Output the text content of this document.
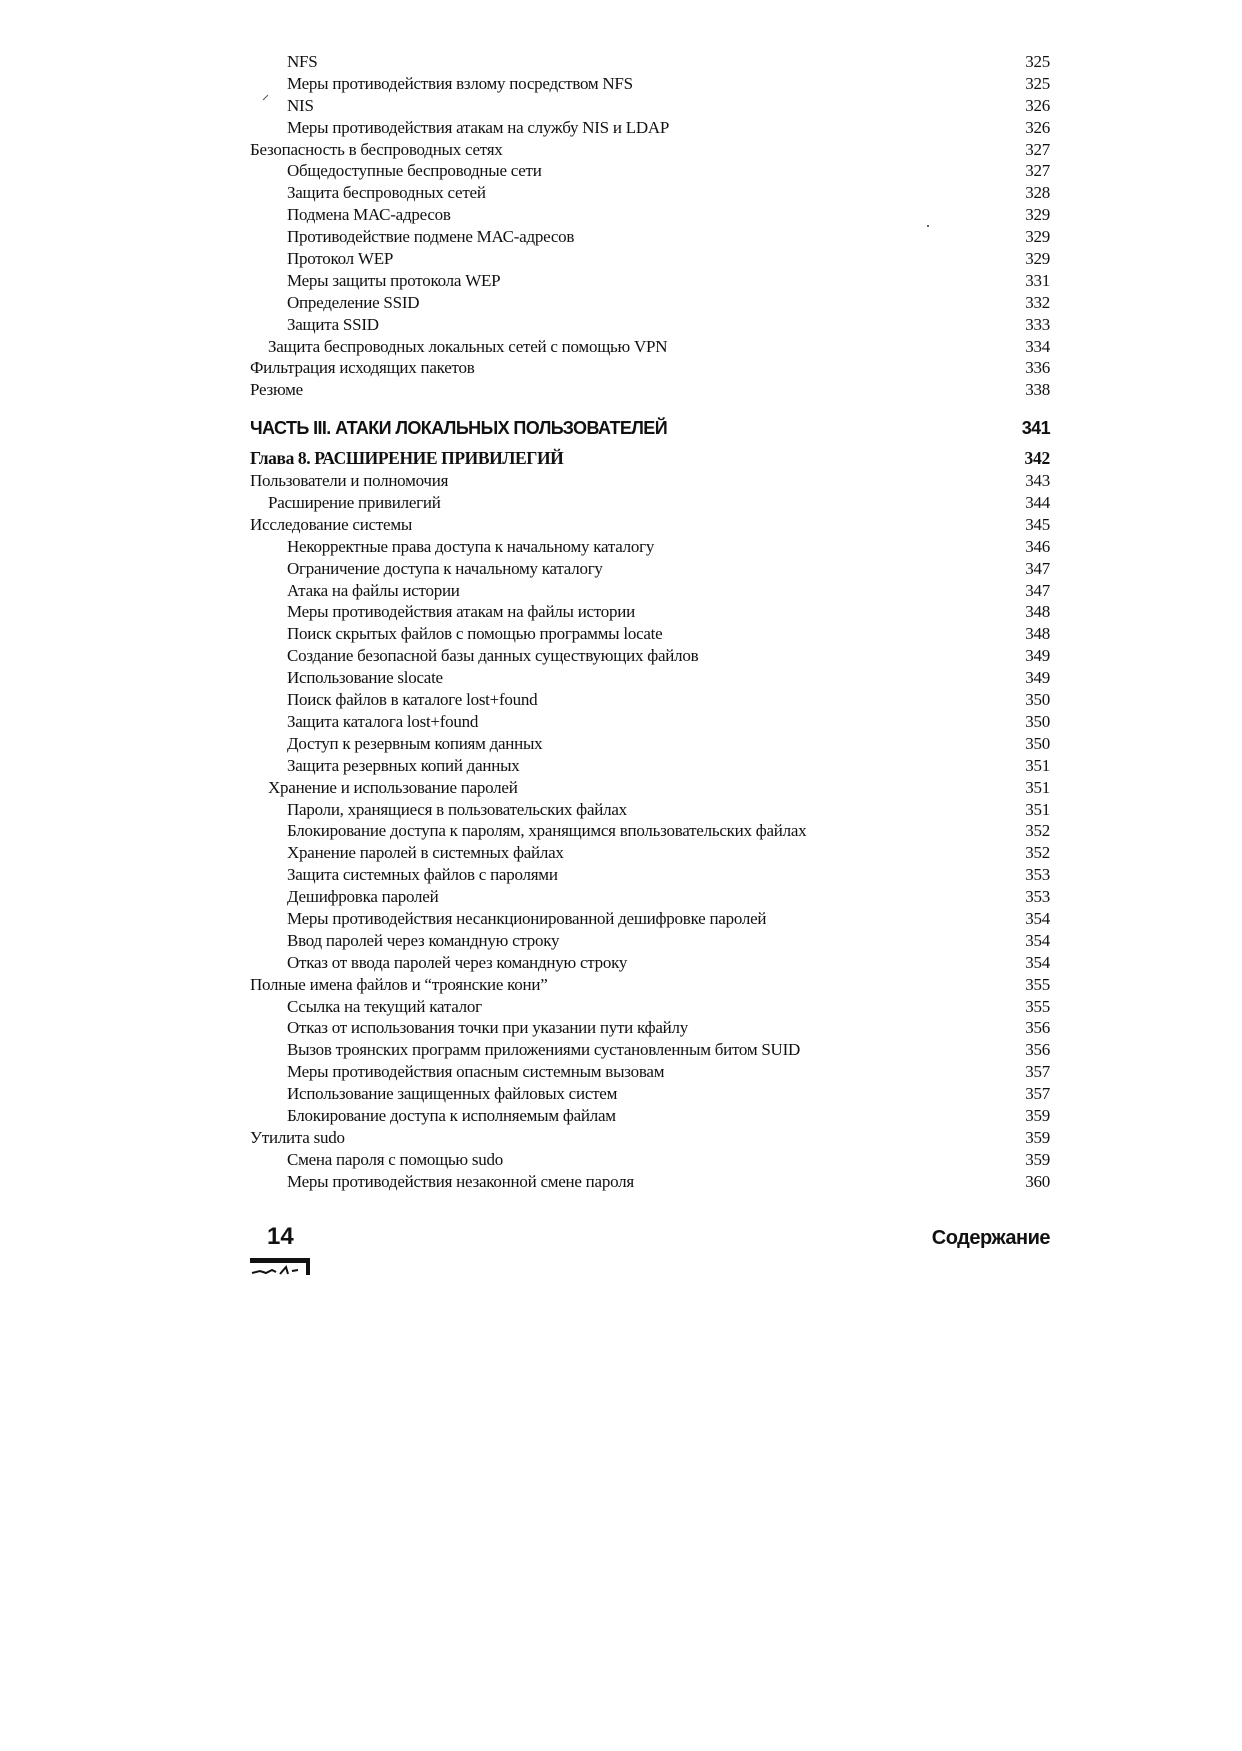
NFS	325
Меры противодействия взлому посредством NFS	325
NIS	326
Меры противодействия атакам на службу NIS и LDAP	326
Безопасность в беспроводных сетях	327
Общедоступные беспроводные сети	327
Защита беспроводных сетей	328
Подмена МАС-адресов	329
Противодействие подмене МАС-адресов	329
Протокол WEP	329
Меры защиты протокола WEP	331
Определение SSID	332
Защита SSID	333
Защита беспроводных локальных сетей с помощью VPN	334
Фильтрация исходящих пакетов	336
Резюме	338
ЧАСТЬ III. АТАКИ ЛОКАЛЬНЫХ ПОЛЬЗОВАТЕЛЕЙ	341
Глава 8. РАСШИРЕНИЕ ПРИВИЛЕГИЙ	342
Пользователи и полномочия	343
Расширение привилегий	344
Исследование системы	345
Некорректные права доступа к начальному каталогу	346
Ограничение доступа к начальному каталогу	347
Атака на файлы истории	347
Меры противодействия атакам на файлы истории	348
Поиск скрытых файлов с помощью программы locate	348
Создание безопасной базы данных существующих файлов	349
Использование slocate	349
Поиск файлов в каталоге lost+found	350
Защита каталога lost+found	350
Доступ к резервным копиям данных	350
Защита резервных копий данных	351
Хранение и использование паролей	351
Пароли, хранящиеся в пользовательских файлах	351
Блокирование доступа к паролям, хранящимся впользовательских файлах	352
Хранение паролей в системных файлах	352
Защита системных файлов с паролями	353
Дешифровка паролей	353
Меры противодействия несанкционированной дешифровке паролей	354
Ввод паролей через командную строку	354
Отказ от ввода паролей через командную строку	354
Полные имена файлов и “троянские кони”	355
Ссылка на текущий каталог	355
Отказ от использования точки при указании пути кфайлу	356
Вызов троянских программ приложениями сустановленным битом SUID	356
Меры противодействия опасным системным вызовам	357
Использование защищенных файловых систем	357
Блокирование доступа к исполняемым файлам	359
Утилита sudo	359
Смена пароля с помощью sudo	359
Меры противодействия незаконной смене пароля	360
14	Содержание
